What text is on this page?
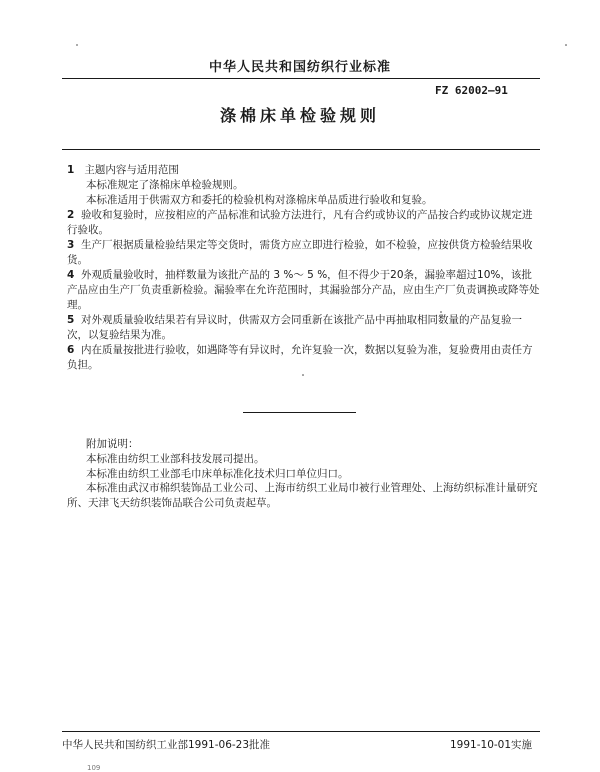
中华人民共和国纺织行业标准
FZ 62002—91
涤棉床单检验规则
1 主题内容与适用范围
本标准规定了涤棉床单检验规则。
本标准适用于供需双方和委托的检验机构对涤棉床单品质进行验收和复验。
2 验收和复验时，应按相应的产品标准和试验方法进行，凡有合约或协议的产品按合约或协议规定进行验收。
3 生产厂根据质量检验结果定等交货时，需货方应立即进行检验，如不检验，应按供货方检验结果收货。
4 外观质量验收时，抽样数量为该批产品的 3 %～ 5 %，但不得少于20条，漏验率超过10%，该批产品应由生产厂负责重新检验。漏验率在允许范围时，其漏验部分产品，应由生产厂负责调换或降等处理。
5 对外观质量验收结果若有异议时，供需双方会同重新在该批产品中再抽取相同数量的产品复验一次，以复验结果为准。
6 内在质量按批进行验收，如遇降等有异议时，允许复验一次，数据以复验为准，复验费用由责任方负担。
附加说明：
本标准由纺织工业部科技发展司提出。
本标准由纺织工业部毛巾床单标准化技术归口单位归口。
本标准由武汉市棉织装饰品工业公司、上海市纺织工业局巾被行业管理处、上海纺织标准计量研究所、天津飞天纺织装饰品联合公司负责起草。
中华人民共和国纺织工业部1991-06-23批准	1991-10-01实施
109
